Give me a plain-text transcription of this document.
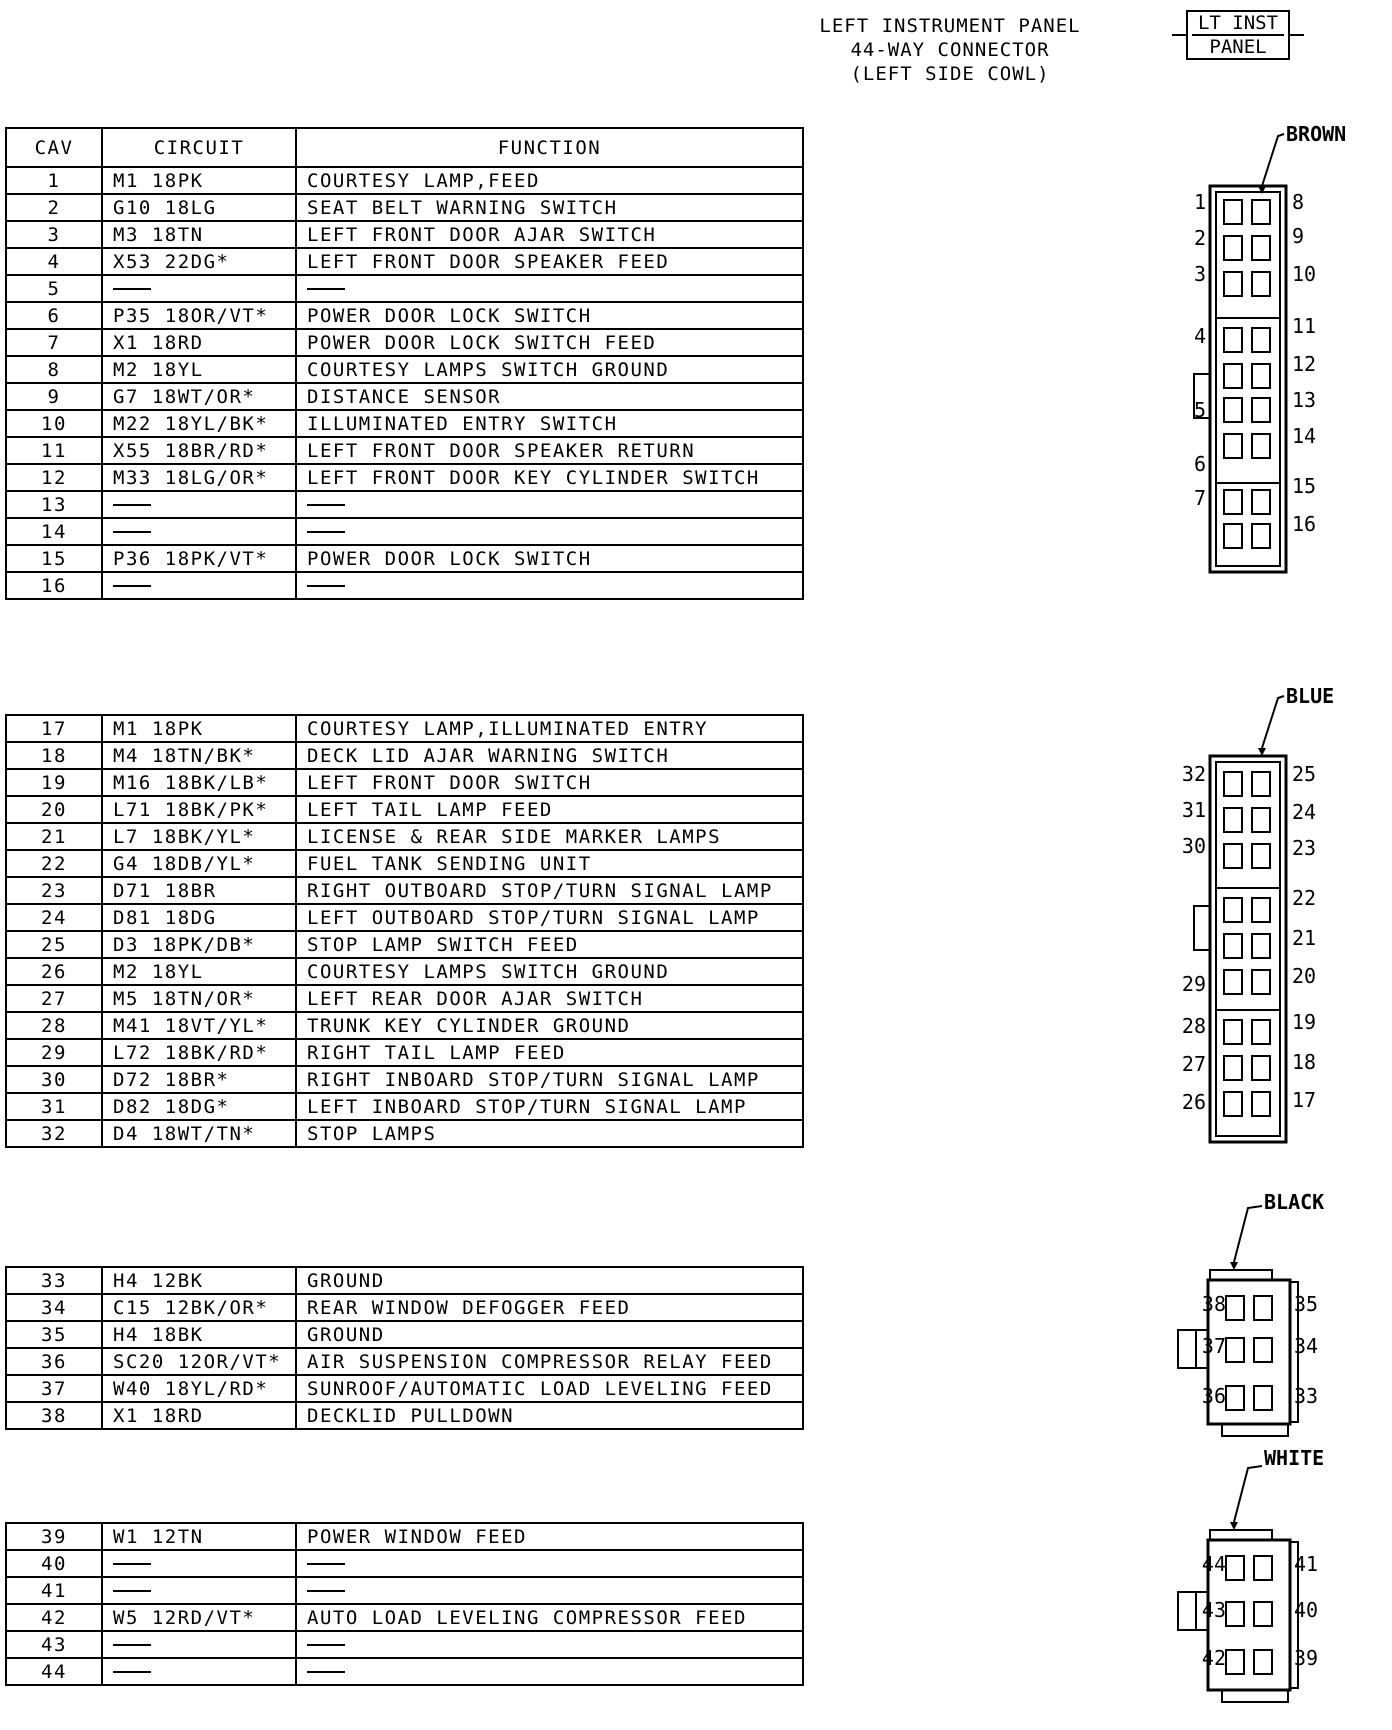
LEFT INSTRUMENT PANEL
44-WAY CONNECTOR
(LEFT SIDE COWL)
LT INST
PANEL
CAV	CIRCUIT	FUNCTION
1	M1 18PK	COURTESY LAMP,FEED
2	G10 18LG	SEAT BELT WARNING SWITCH
3	M3 18TN	LEFT FRONT DOOR AJAR SWITCH
4	X53 22DG*	LEFT FRONT DOOR SPEAKER FEED
5		
6	P35 18OR/VT*	POWER DOOR LOCK SWITCH
7	X1 18RD	POWER DOOR LOCK SWITCH FEED
8	M2 18YL	COURTESY LAMPS SWITCH GROUND
9	G7 18WT/OR*	DISTANCE SENSOR
10	M22 18YL/BK*	ILLUMINATED ENTRY SWITCH
11	X55 18BR/RD*	LEFT FRONT DOOR SPEAKER RETURN
12	M33 18LG/OR*	LEFT FRONT DOOR KEY CYLINDER SWITCH
13		
14		
15	P36 18PK/VT*	POWER DOOR LOCK SWITCH
16		
17	M1 18PK	COURTESY LAMP,ILLUMINATED ENTRY
18	M4 18TN/BK*	DECK LID AJAR WARNING SWITCH
19	M16 18BK/LB*	LEFT FRONT DOOR SWITCH
20	L71 18BK/PK*	LEFT TAIL LAMP FEED
21	L7 18BK/YL*	LICENSE & REAR SIDE MARKER LAMPS
22	G4 18DB/YL*	FUEL TANK SENDING UNIT
23	D71 18BR	RIGHT OUTBOARD STOP/TURN SIGNAL LAMP
24	D81 18DG	LEFT OUTBOARD STOP/TURN SIGNAL LAMP
25	D3 18PK/DB*	STOP LAMP SWITCH FEED
26	M2 18YL	COURTESY LAMPS SWITCH GROUND
27	M5 18TN/OR*	LEFT REAR DOOR AJAR SWITCH
28	M41 18VT/YL*	TRUNK KEY CYLINDER GROUND
29	L72 18BK/RD*	RIGHT TAIL LAMP FEED
30	D72 18BR*	RIGHT INBOARD STOP/TURN SIGNAL LAMP
31	D82 18DG*	LEFT INBOARD STOP/TURN SIGNAL LAMP
32	D4 18WT/TN*	STOP LAMPS
33	H4 12BK	GROUND
34	C15 12BK/OR*	REAR WINDOW DEFOGGER FEED
35	H4 18BK	GROUND
36	SC20 12OR/VT*	AIR SUSPENSION COMPRESSOR RELAY FEED
37	W40 18YL/RD*	SUNROOF/AUTOMATIC LOAD LEVELING FEED
38	X1 18RD	DECKLID PULLDOWN
39	W1 12TN	POWER WINDOW FEED
40		
41		
42	W5 12RD/VT*	AUTO LOAD LEVELING COMPRESSOR FEED
43		
44		
BROWN
1
2
3
4
5
6
7
8
9
10
11
12
13
14
15
16
BLUE
32
31
30
29
28
27
26
25
24
23
22
21
20
19
18
17
BLACK
38
37
36
35
34
33
WHITE
44
43
42
41
40
39
